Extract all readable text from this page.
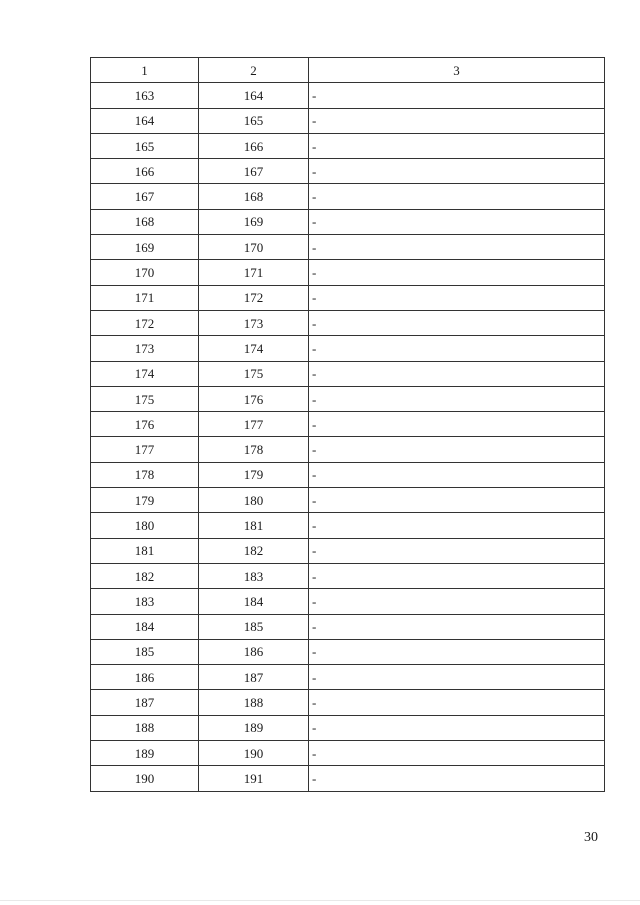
1	2	3
163	164	-
164	165	-
165	166	-
166	167	-
167	168	-
168	169	-
169	170	-
170	171	-
171	172	-
172	173	-
173	174	-
174	175	-
175	176	-
176	177	-
177	178	-
178	179	-
179	180	-
180	181	-
181	182	-
182	183	-
183	184	-
184	185	-
185	186	-
186	187	-
187	188	-
188	189	-
189	190	-
190	191	-
30
